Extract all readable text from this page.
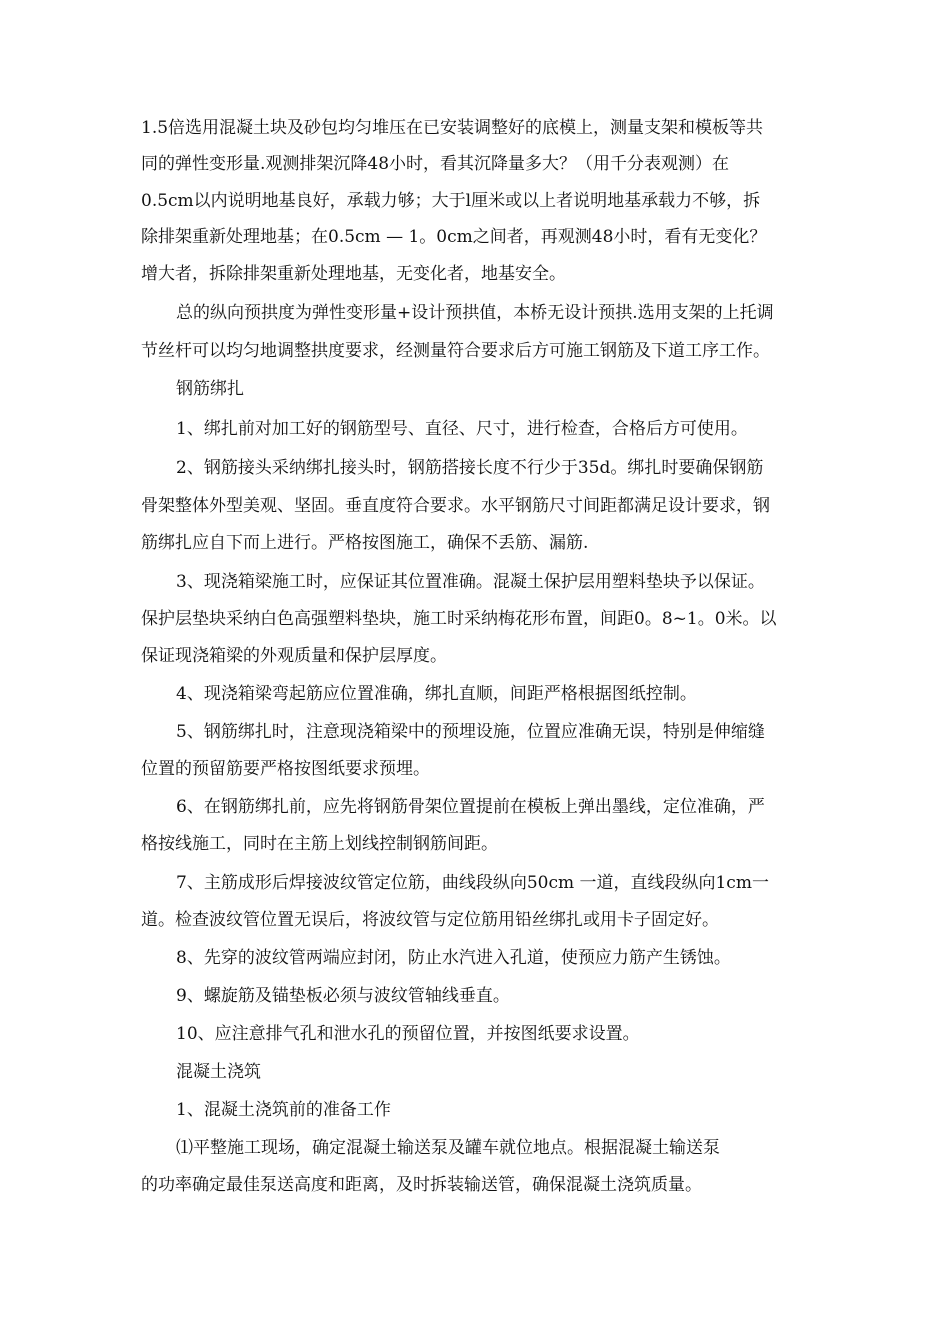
1.5倍选用混凝土块及砂包均匀堆压在已安装调整好的底模上，测量支架和模板等共
同的弹性变形量.观测排架沉降48小时，看其沉降量多大？（用千分表观测）在
0.5cm以内说明地基良好，承载力够；大于l厘米或以上者说明地基承载力不够，拆
除排架重新处理地基；在0.5cm — 1。0cm之间者，再观测48小时，看有无变化？
增大者，拆除排架重新处理地基，无变化者，地基安全。
总的纵向预拱度为弹性变形量+设计预拱值，本桥无设计预拱.选用支架的上托调
节丝杆可以均匀地调整拱度要求，经测量符合要求后方可施工钢筋及下道工序工作。
钢筋绑扎
1、绑扎前对加工好的钢筋型号、直径、尺寸，进行检查，合格后方可使用。
2、钢筋接头采纳绑扎接头时，钢筋搭接长度不行少于35d。绑扎时要确保钢筋
骨架整体外型美观、坚固。垂直度符合要求。水平钢筋尺寸间距都满足设计要求，钢
筋绑扎应自下而上进行。严格按图施工，确保不丢筋、漏筋.
3、现浇箱梁施工时，应保证其位置准确。混凝土保护层用塑料垫块予以保证。
保护层垫块采纳白色高强塑料垫块，施工时采纳梅花形布置，间距0。8~1。0米。以
保证现浇箱梁的外观质量和保护层厚度。
4、现浇箱梁弯起筋应位置准确，绑扎直顺，间距严格根据图纸控制。
5、钢筋绑扎时，注意现浇箱梁中的预埋设施，位置应准确无误，特别是伸缩缝
位置的预留筋要严格按图纸要求预埋。
6、在钢筋绑扎前，应先将钢筋骨架位置提前在模板上弹出墨线，定位准确，严
格按线施工，同时在主筋上划线控制钢筋间距。
7、主筋成形后焊接波纹管定位筋，曲线段纵向50cm 一道，直线段纵向1cm一
道。检查波纹管位置无误后，将波纹管与定位筋用铅丝绑扎或用卡子固定好。
8、先穿的波纹管两端应封闭，防止水汽进入孔道，使预应力筋产生锈蚀。
9、螺旋筋及锚垫板必须与波纹管轴线垂直。
10、应注意排气孔和泄水孔的预留位置，并按图纸要求设置。
混凝土浇筑
1、混凝土浇筑前的准备工作
⑴平整施工现场，确定混凝土输送泵及罐车就位地点。根据混凝土输送泵
的功率确定最佳泵送高度和距离，及时拆装输送管，确保混凝土浇筑质量。
